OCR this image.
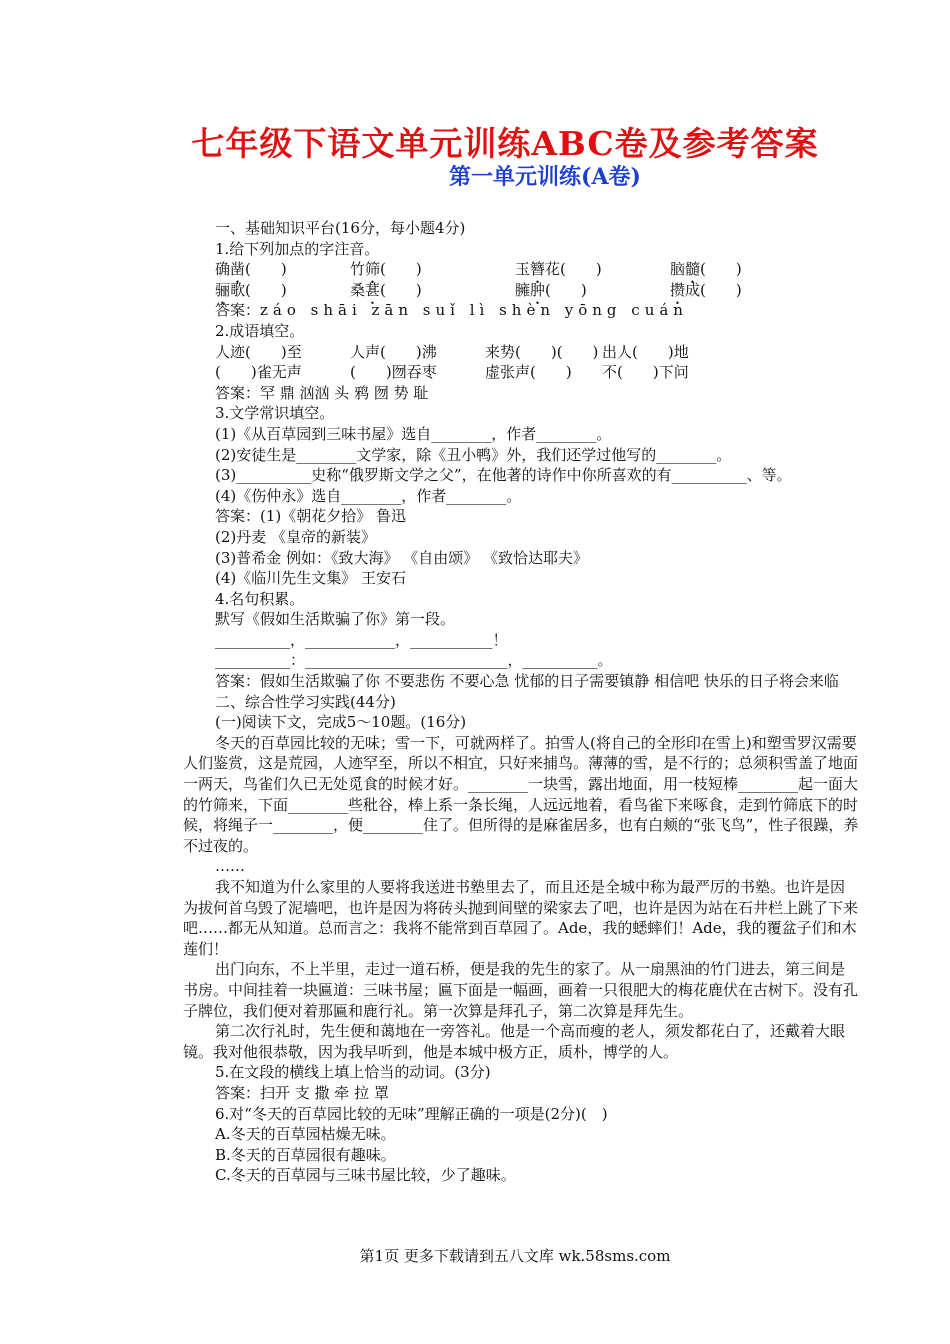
七年级下语文单元训练ABC卷及参考答案
第一单元训练(A卷)

一、基础知识平台(16分，每小题4分)

1.给下列加点的字注音。

确凿(　　)	竹筛(　　)	玉簪花(　　)	脑髓(　　)
骊歌(　　)	桑葚(　　)	臃肿(　　)	攒成(　　)

答案：záo shāi zān suǐ lì shèn yōng cuán

2.成语填空。

人迹(　　)至	人声(　　)沸	来势(　　)(　　) 出人(　　)地
(　　)雀无声	(　　)囫吞枣	虚张声(　　)	不(　　)下问

答案：罕 鼎 汹汹 头 鸦 囫 势 耻

3.文学常识填空。

(1)《从百草园到三味书屋》选自________，作者________。

(2)安徒生是________文学家，除《丑小鸭》外，我们还学过他写的________。

(3)__________史称“俄罗斯文学之父”，在他著的诗作中你所喜欢的有__________、等。

(4)《伤仲永》选自________，作者________。

答案：(1)《朝花夕拾》 鲁迅

(2)丹麦 《皇帝的新装》

(3)普希金 例如：《致大海》 《自由颂》 《致恰达耶夫》

(4)《临川先生文集》 王安石

4.名句积累。

默写《假如生活欺骗了你》第一段。

__________，____________，___________！

__________：___________________________，__________。

答案：假如生活欺骗了你 不要悲伤 不要心急 忧郁的日子需要镇静 相信吧 快乐的日子将会来临

二、综合性学习实践(44分)

(一)阅读下文，完成5～10题。(16分)

冬天的百草园比较的无味；雪一下，可就两样了。拍雪人(将自己的全形印在雪上)和塑雪罗汉需要人们鉴赏，这是荒园，人迹罕至，所以不相宜，只好来捕鸟。薄薄的雪，是不行的；总须积雪盖了地面一两天，鸟雀们久已无处觅食的时候才好。________一块雪，露出地面，用一枝短棒________起一面大的竹筛来，下面________些秕谷，棒上系一条长绳，人远远地着，看鸟雀下来啄食，走到竹筛底下的时候，将绳子一________，便________住了。但所得的是麻雀居多，也有白颊的“张飞鸟”，性子很躁，养不过夜的。

……

我不知道为什么家里的人要将我送进书塾里去了，而且还是全城中称为最严厉的书塾。也许是因为拔何首乌毁了泥墙吧，也许是因为将砖头抛到间壁的梁家去了吧，也许是因为站在石井栏上跳了下来吧……都无从知道。总而言之：我将不能常到百草园了。Ade，我的蟋蟀们！Ade，我的覆盆子们和木莲们！

出门向东，不上半里，走过一道石桥，便是我的先生的家了。从一扇黑油的竹门进去，第三间是书房。中间挂着一块匾道：三味书屋；匾下面是一幅画，画着一只很肥大的梅花鹿伏在古树下。没有孔子牌位，我们便对着那匾和鹿行礼。第一次算是拜孔子，第二次算是拜先生。

第二次行礼时，先生便和蔼地在一旁答礼。他是一个高而瘦的老人，须发都花白了，还戴着大眼镜。我对他很恭敬，因为我早听到，他是本城中极方正，质朴，博学的人。

5.在文段的横线上填上恰当的动词。(3分)

答案：扫开 支 撒 牵 拉 罩

6.对“冬天的百草园比较的无味”理解正确的一项是(2分)(　)

A.冬天的百草园枯燥无味。

B.冬天的百草园很有趣味。

C.冬天的百草园与三味书屋比较，少了趣味。

第1页 更多下载请到五八文库 wk.58sms.com
